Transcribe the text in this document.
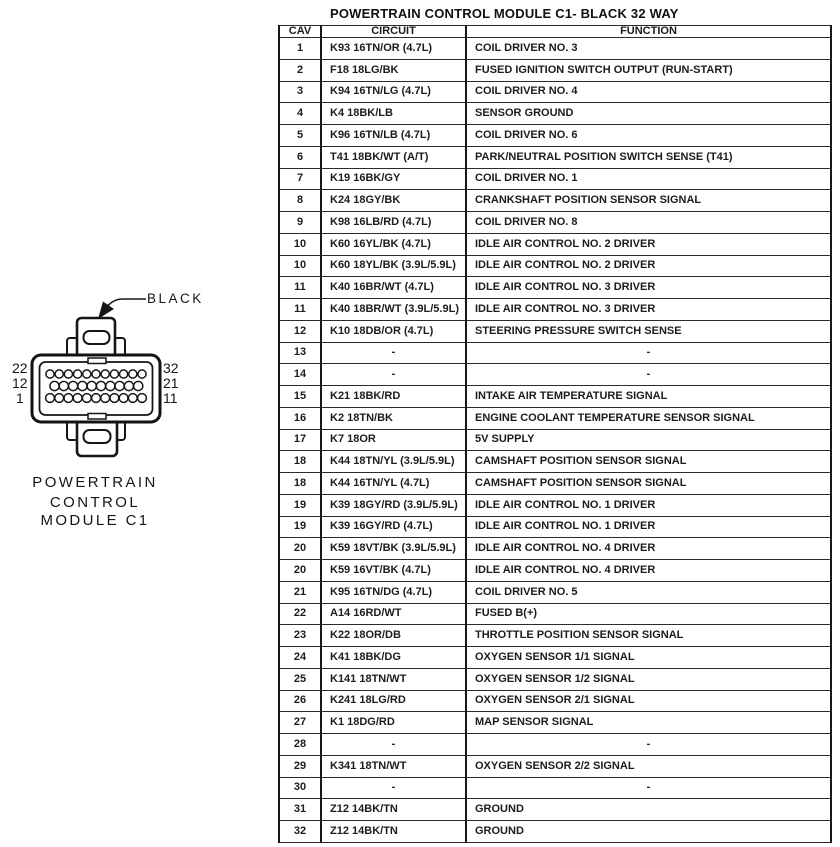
POWERTRAIN CONTROL MODULE C1- BLACK 32 WAY
CAV	CIRCUIT	FUNCTION
1	K93 16TN/OR (4.7L)	COIL DRIVER NO. 3
2	F18 18LG/BK	FUSED IGNITION SWITCH OUTPUT (RUN-START)
3	K94 16TN/LG (4.7L)	COIL DRIVER NO. 4
4	K4 18BK/LB	SENSOR GROUND
5	K96 16TN/LB (4.7L)	COIL DRIVER NO. 6
6	T41 18BK/WT (A/T)	PARK/NEUTRAL POSITION SWITCH SENSE (T41)
7	K19 16BK/GY	COIL DRIVER NO. 1
8	K24 18GY/BK	CRANKSHAFT POSITION SENSOR SIGNAL
9	K98 16LB/RD (4.7L)	COIL DRIVER NO. 8
10	K60 16YL/BK (4.7L)	IDLE AIR CONTROL NO. 2 DRIVER
10	K60 18YL/BK (3.9L/5.9L)	IDLE AIR CONTROL NO. 2 DRIVER
11	K40 16BR/WT (4.7L)	IDLE AIR CONTROL NO. 3 DRIVER
11	K40 18BR/WT (3.9L/5.9L)	IDLE AIR CONTROL NO. 3 DRIVER
12	K10 18DB/OR (4.7L)	STEERING PRESSURE SWITCH SENSE
13	-	-
14	-	-
15	K21 18BK/RD	INTAKE AIR TEMPERATURE SIGNAL
16	K2 18TN/BK	ENGINE COOLANT TEMPERATURE SENSOR SIGNAL
17	K7 18OR	5V SUPPLY
18	K44 18TN/YL (3.9L/5.9L)	CAMSHAFT POSITION SENSOR SIGNAL
18	K44 16TN/YL (4.7L)	CAMSHAFT POSITION SENSOR SIGNAL
19	K39 18GY/RD (3.9L/5.9L)	IDLE AIR CONTROL NO. 1 DRIVER
19	K39 16GY/RD (4.7L)	IDLE AIR CONTROL NO. 1 DRIVER
20	K59 18VT/BK (3.9L/5.9L)	IDLE AIR CONTROL NO. 4 DRIVER
20	K59 16VT/BK (4.7L)	IDLE AIR CONTROL NO. 4 DRIVER
21	K95 16TN/DG (4.7L)	COIL DRIVER NO. 5
22	A14 16RD/WT	FUSED B(+)
23	K22 18OR/DB	THROTTLE POSITION SENSOR SIGNAL
24	K41 18BK/DG	OXYGEN SENSOR 1/1 SIGNAL
25	K141 18TN/WT	OXYGEN SENSOR 1/2 SIGNAL
26	K241 18LG/RD	OXYGEN SENSOR 2/1 SIGNAL
27	K1 18DG/RD	MAP SENSOR SIGNAL
28	-	-
29	K341 18TN/WT	OXYGEN SENSOR 2/2 SIGNAL
30	-	-
31	Z12 14BK/TN	GROUND
32	Z12 14BK/TN	GROUND
BLACK
22
12
1
32
21
11
POWERTRAIN
CONTROL
MODULE C1
